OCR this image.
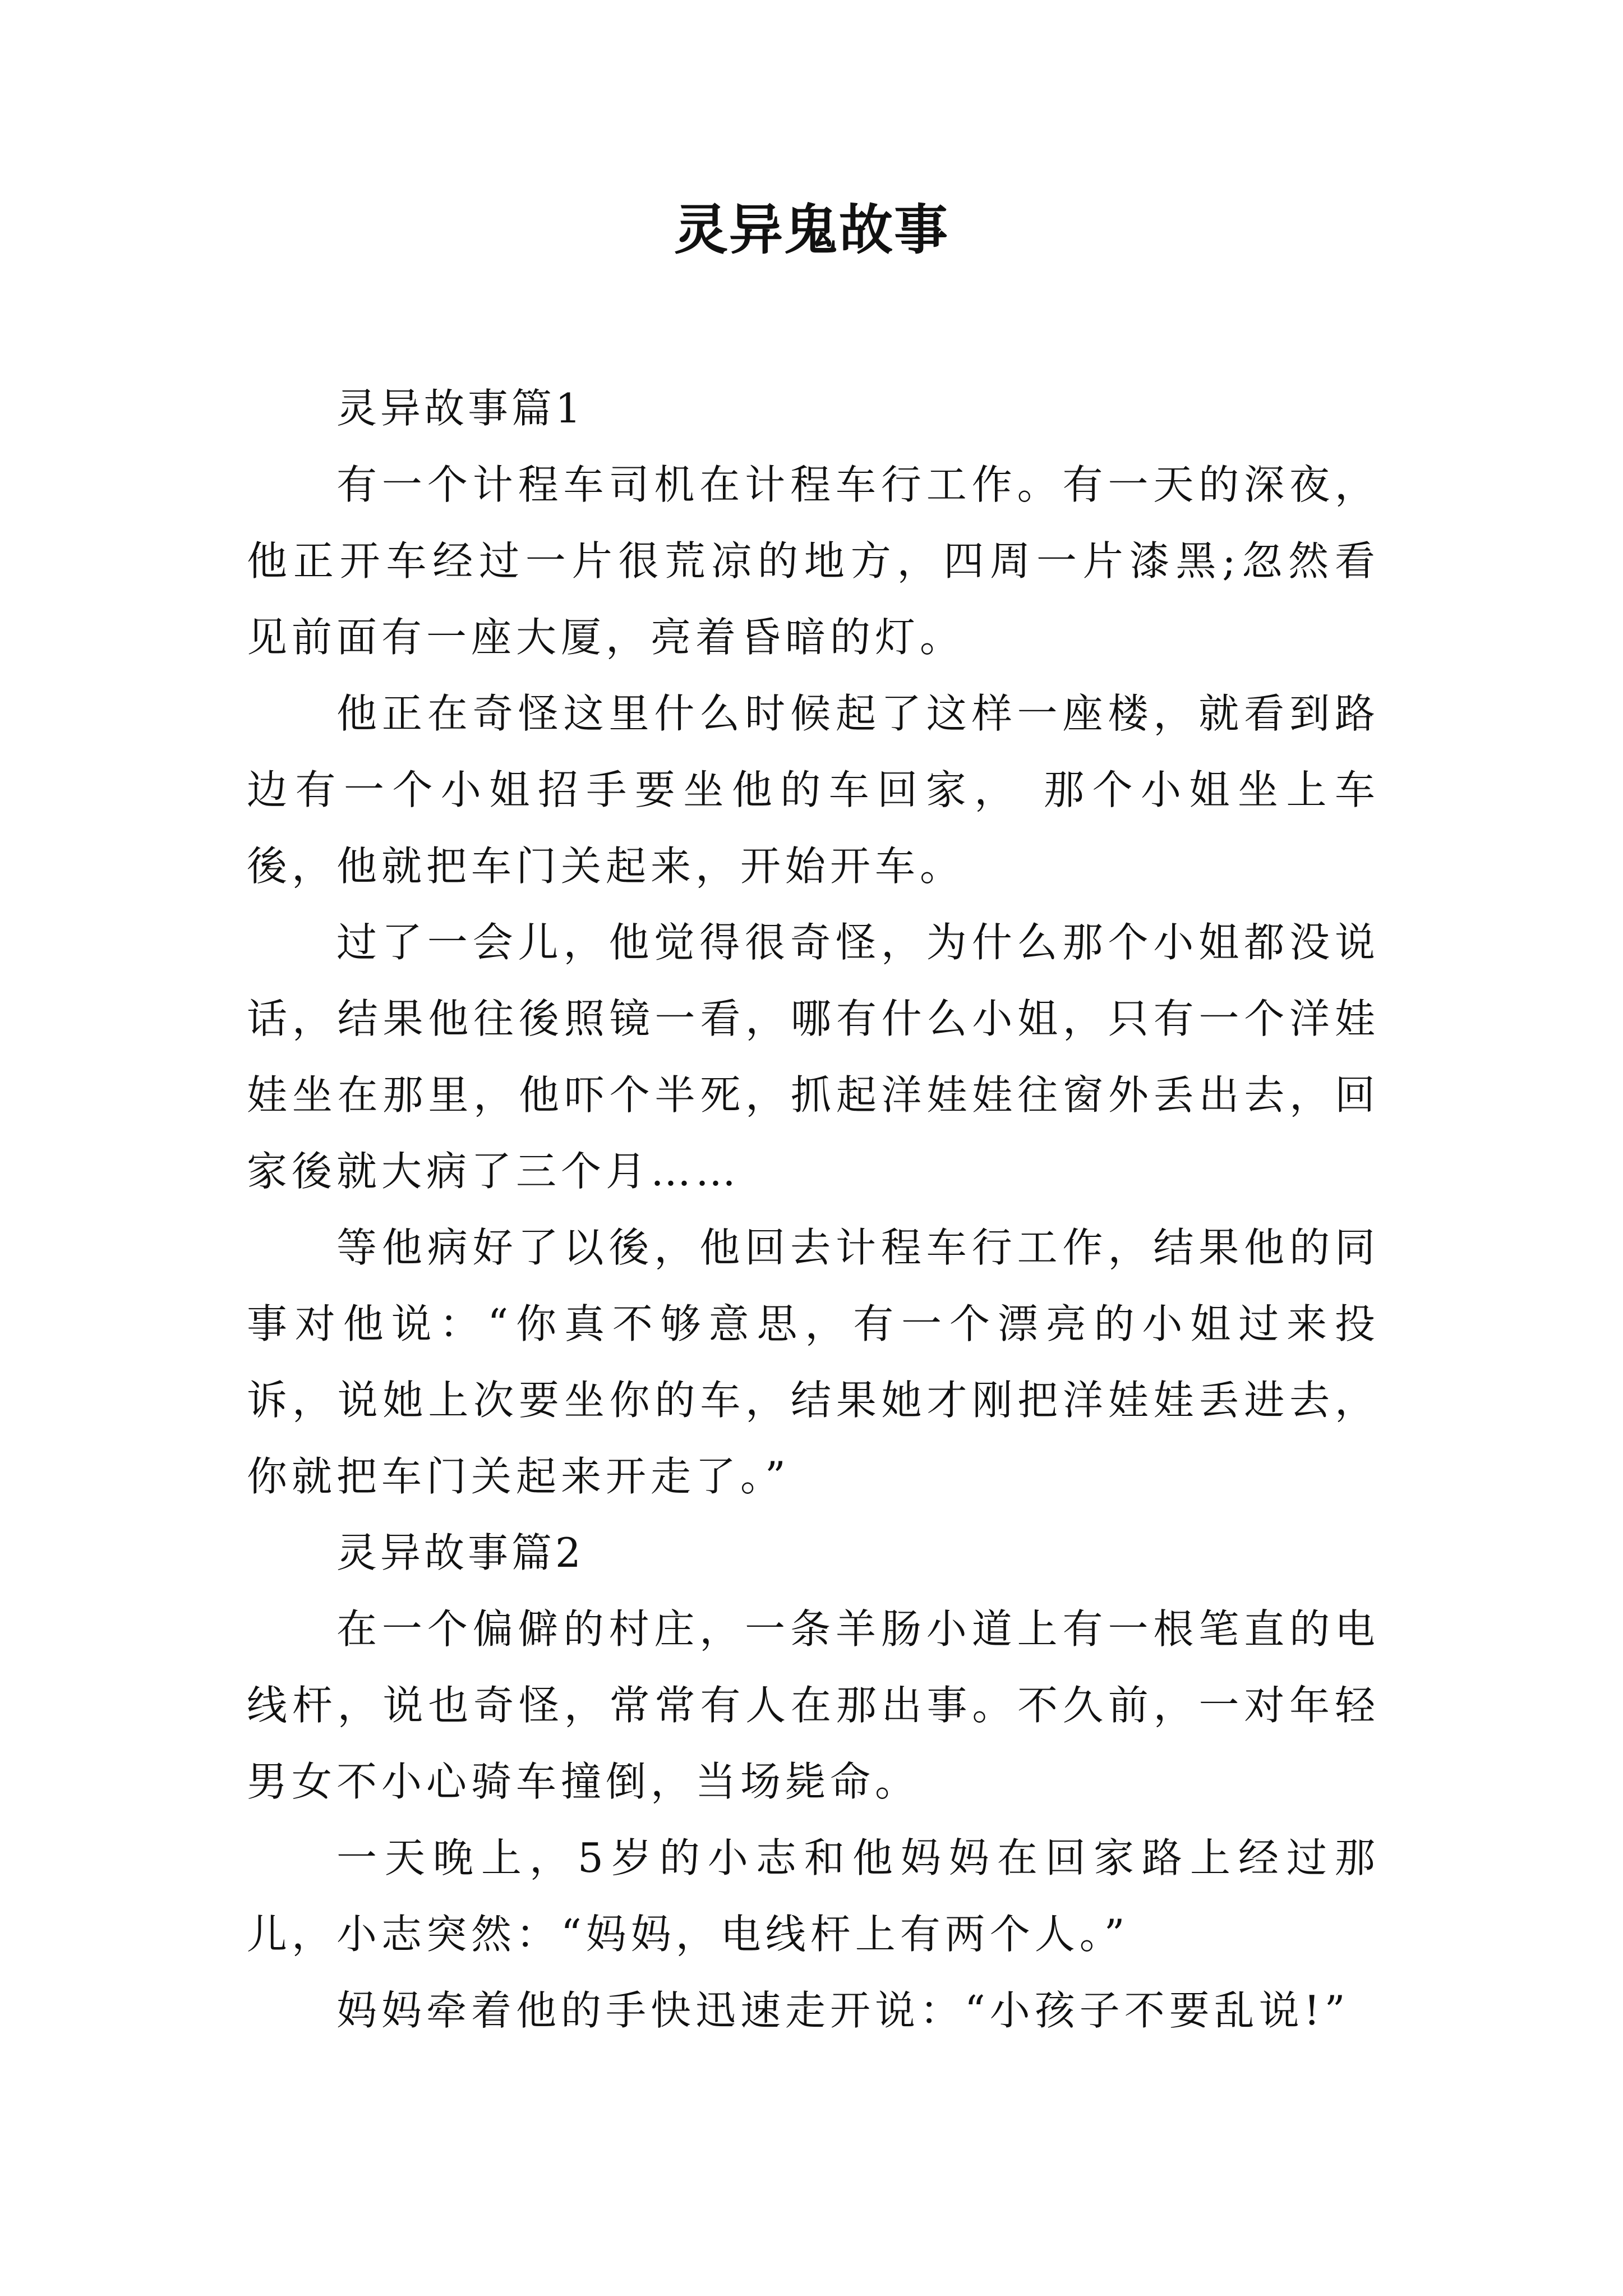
灵异鬼故事

灵异故事篇1

有一个计程车司机在计程车行工作。有一天的深夜，他正开车经过一片很荒凉的地方，四周一片漆黑;忽然看见前面有一座大厦，亮着昏暗的灯。

他正在奇怪这里什么时候起了这样一座楼，就看到路边有一个小姐招手要坐他的车回家， 那个小姐坐上车後，他就把车门关起来，开始开车。

过了一会儿，他觉得很奇怪，为什么那个小姐都没说话，结果他往後照镜一看，哪有什么小姐，只有一个洋娃娃坐在那里，他吓个半死，抓起洋娃娃往窗外丢出去，回家後就大病了三个月……

等他病好了以後，他回去计程车行工作，结果他的同事对他说：“你真不够意思，有一个漂亮的小姐过来投诉，说她上次要坐你的车，结果她才刚把洋娃娃丢进去，你就把车门关起来开走了。”

灵异故事篇2

在一个偏僻的村庄，一条羊肠小道上有一根笔直的电线杆，说也奇怪，常常有人在那出事。不久前，一对年轻男女不小心骑车撞倒，当场毙命。

一天晚上，5岁的小志和他妈妈在回家路上经过那儿，小志突然：“妈妈，电线杆上有两个人。”

妈妈牵着他的手快迅速走开说：“小孩子不要乱说!”
